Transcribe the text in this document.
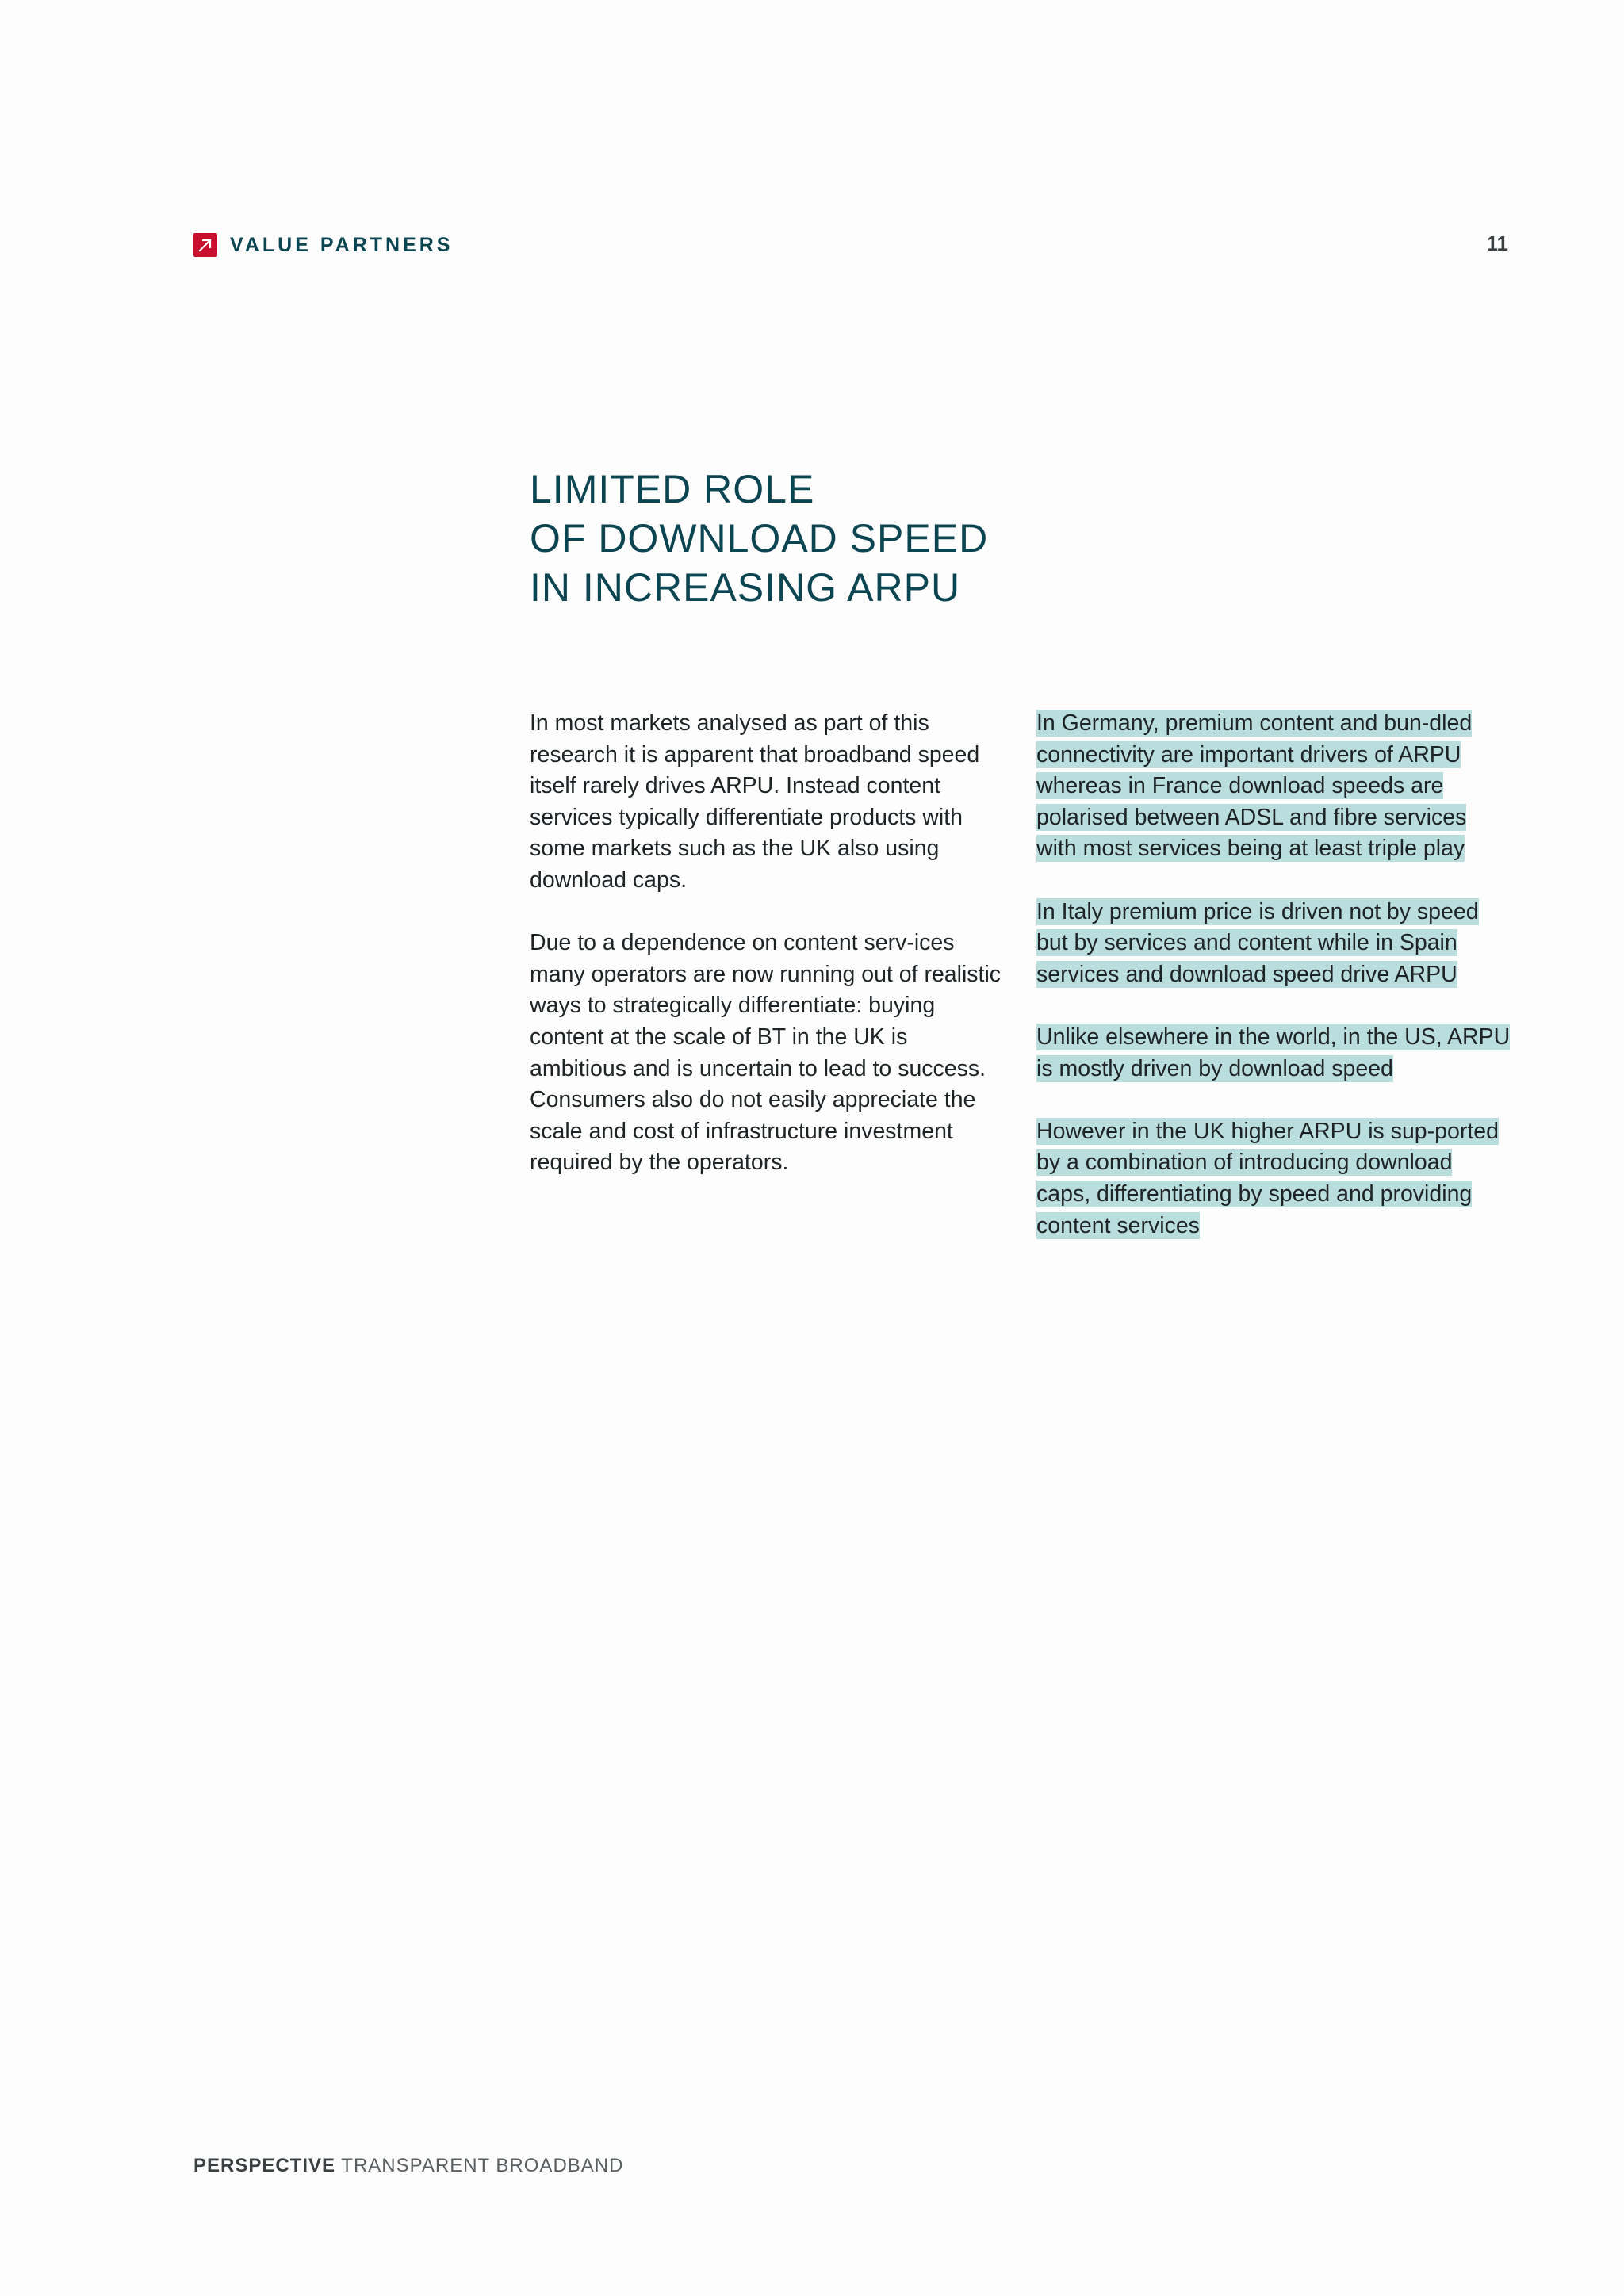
VALUE PARTNERS	11
LIMITED ROLE
OF DOWNLOAD SPEED
IN INCREASING ARPU

In most markets analysed as part of this research it is apparent that broadband speed itself rarely drives ARPU. Instead content services typically differentiate products with some markets such as the UK also using download caps.

Due to a dependence on content serv-ices many operators are now running out of realistic ways to strategically differentiate: buying content at the scale of BT in the UK is ambitious and is uncertain to lead to success. Consumers also do not easily appreciate the scale and cost of infrastructure investment required by the operators.

In Germany, premium content and bun-dled connectivity are important drivers of ARPU whereas in France download speeds are polarised between ADSL and fibre services with most services being at least triple play

In Italy premium price is driven not by speed but by services and content while in Spain services and download speed drive ARPU

Unlike elsewhere in the world, in the US, ARPU is mostly driven by download speed

However in the UK higher ARPU is sup-ported by a combination of introducing download caps, differentiating by speed and providing content services

PERSPECTIVE TRANSPARENT BROADBAND
